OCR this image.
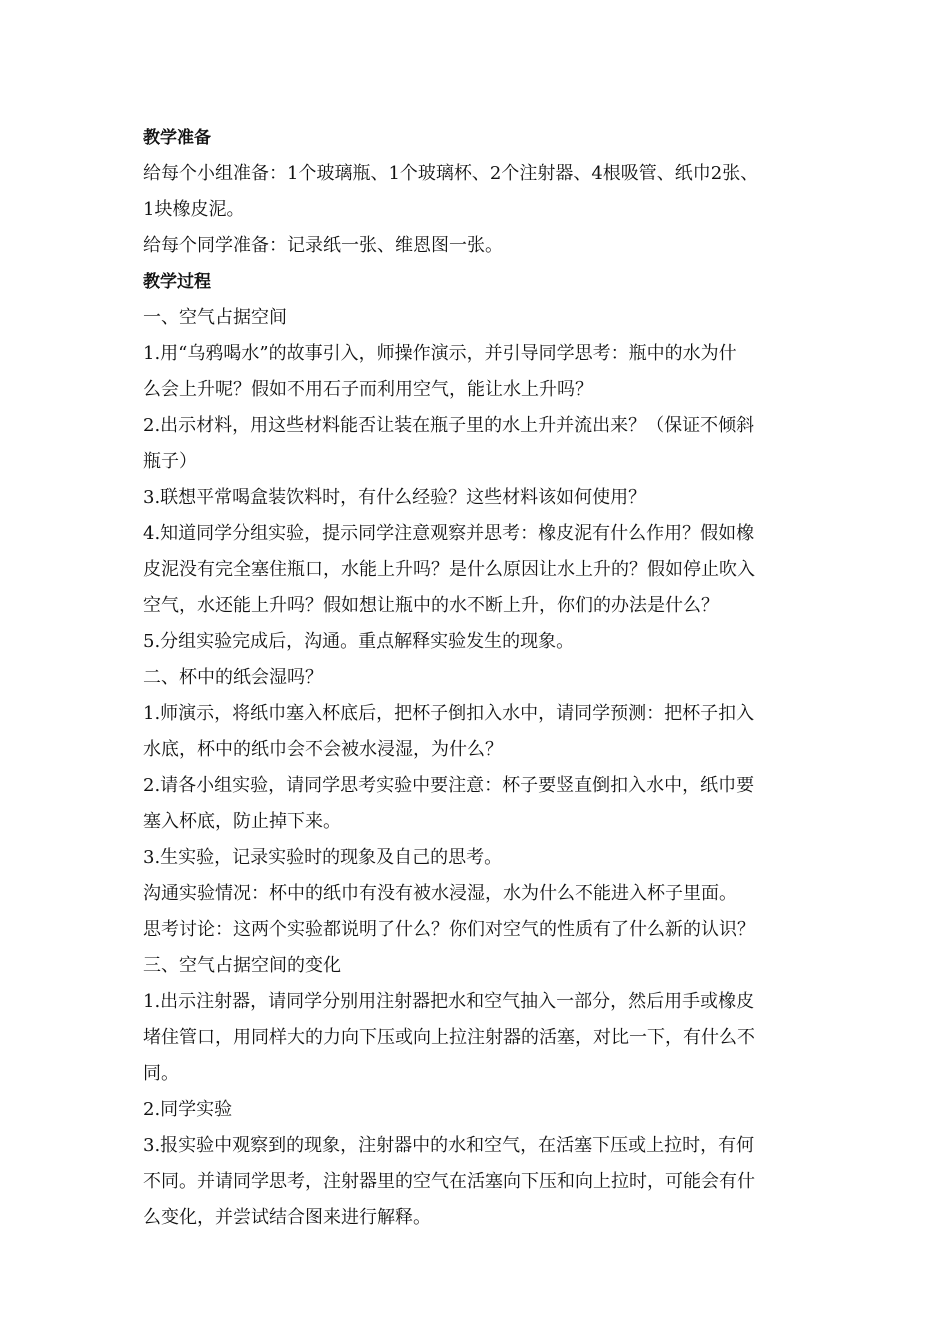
教学准备
给每个小组准备：1个玻璃瓶、1个玻璃杯、2个注射器、4根吸管、纸巾2张、
1块橡皮泥。
给每个同学准备：记录纸一张、维恩图一张。
教学过程
一、空气占据空间
1.用“乌鸦喝水”的故事引入，师操作演示，并引导同学思考：瓶中的水为什
么会上升呢？假如不用石子而利用空气，能让水上升吗？
2.出示材料，用这些材料能否让装在瓶子里的水上升并流出来？（保证不倾斜
瓶子）
3.联想平常喝盒装饮料时，有什么经验？这些材料该如何使用？
4.知道同学分组实验，提示同学注意观察并思考：橡皮泥有什么作用？假如橡
皮泥没有完全塞住瓶口，水能上升吗？是什么原因让水上升的？假如停止吹入
空气，水还能上升吗？假如想让瓶中的水不断上升，你们的办法是什么？
5.分组实验完成后，沟通。重点解释实验发生的现象。
二、杯中的纸会湿吗？
1.师演示，将纸巾塞入杯底后，把杯子倒扣入水中，请同学预测：把杯子扣入
水底，杯中的纸巾会不会被水浸湿，为什么？
2.请各小组实验，请同学思考实验中要注意：杯子要竖直倒扣入水中，纸巾要
塞入杯底，防止掉下来。
3.生实验，记录实验时的现象及自己的思考。
沟通实验情况：杯中的纸巾有没有被水浸湿，水为什么不能进入杯子里面。
思考讨论：这两个实验都说明了什么？你们对空气的性质有了什么新的认识？
三、空气占据空间的变化
1.出示注射器，请同学分别用注射器把水和空气抽入一部分，然后用手或橡皮
堵住管口，用同样大的力向下压或向上拉注射器的活塞，对比一下，有什么不
同。
2.同学实验
3.报实验中观察到的现象，注射器中的水和空气，在活塞下压或上拉时，有何
不同。并请同学思考，注射器里的空气在活塞向下压和向上拉时，可能会有什
么变化，并尝试结合图来进行解释。
